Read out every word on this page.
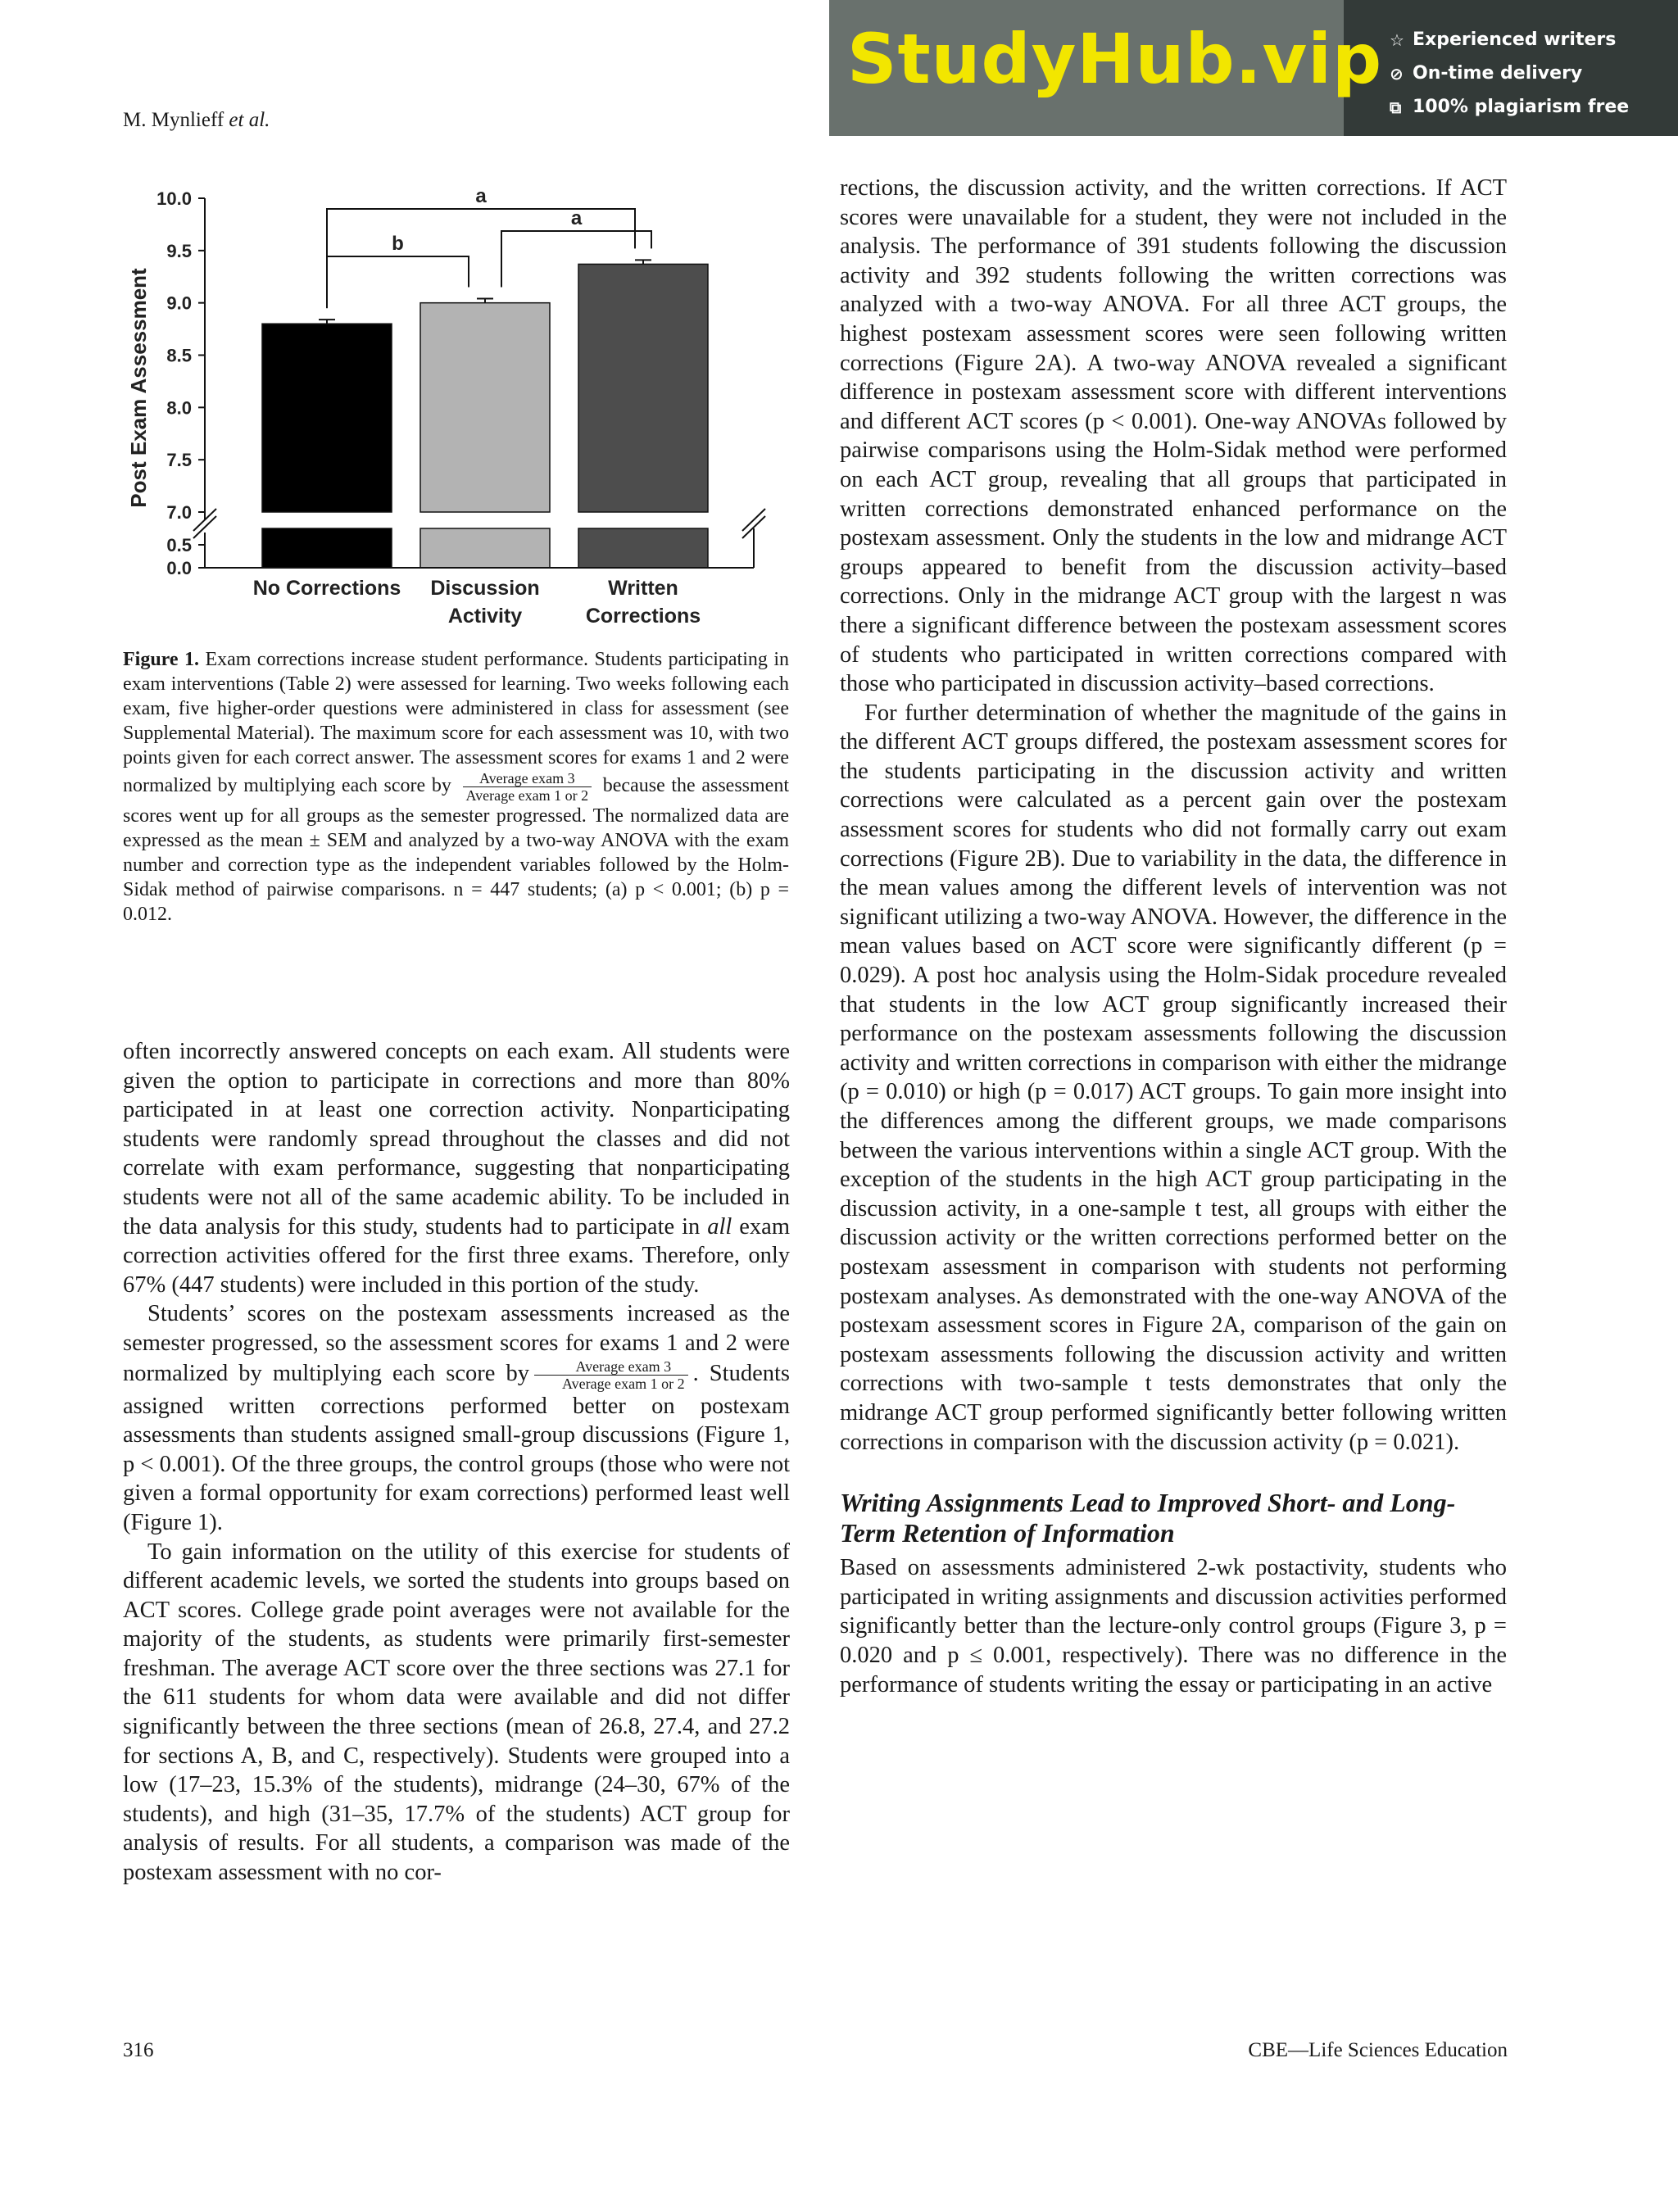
StudyHub.vip ☆ Experienced writers
⊘ On-time delivery
⧉ 100% plagiarism free
M. Mynlieff et al.
Post Exam Assessment
10.0
9.5
9.0
8.5
8.0
7.5
7.0
0.5
0.0
No Corrections Discussion
Activity
Written
Corrections
a
a
b
Figure 1. Exam corrections increase student performance. Students participating in exam interventions (Table 2) were assessed for learning. Two weeks following each exam, five higher-order questions were administered in class for assessment (see Supplemental Material). The maximum score for each assessment was 10, with two points given for each correct answer. The assessment scores for exams 1 and 2 were normalized by multiplying each score by $\frac{\text{Average exam 3}}{\text{Average exam 1 or 2}}$ because the assessment scores went up for all groups as the semester progressed. The normalized data are expressed as the mean ± SEM and analyzed by a two-way ANOVA with the exam number and correction type as the independent variables followed by the Holm-Sidak method of pairwise comparisons. n = 447 students; (a) p < 0.001; (b) p = 0.012.

often incorrectly answered concepts on each exam. All students were given the option to participate in corrections and more than 80% participated in at least one correction activity. Nonparticipating students were randomly spread throughout the classes and did not correlate with exam performance, suggesting that nonparticipating students were not all of the same academic ability. To be included in the data analysis for this study, students had to participate in all exam correction activities offered for the first three exams. Therefore, only 67% (447 students) were included in this portion of the study.

Students’ scores on the postexam assessments increased as the semester progressed, so the assessment scores for exams 1 and 2 were normalized by multiplying each score by $\frac{\text{Average exam 3}}{\text{Average exam 1 or 2}}$ . Students assigned written corrections performed better on postexam assessments than students assigned small-group discussions (Figure 1, p < 0.001). Of the three groups, the control groups (those who were not given a formal opportunity for exam corrections) performed least well (Figure 1).

To gain information on the utility of this exercise for students of different academic levels, we sorted the students into groups based on ACT scores. College grade point averages were not available for the majority of the students, as students were primarily first-semester freshman. The average ACT score over the three sections was 27.1 for the 611 students for whom data were available and did not differ significantly between the three sections (mean of 26.8, 27.4, and 27.2 for sections A, B, and C, respectively). Students were grouped into a low (17–23, 15.3% of the students), midrange (24–30, 67% of the students), and high (31–35, 17.7% of the students) ACT group for analysis of results. For all students, a comparison was made of the postexam assessment with no cor-

rections, the discussion activity, and the written corrections. If ACT scores were unavailable for a student, they were not included in the analysis. The performance of 391 students following the discussion activity and 392 students following the written corrections was analyzed with a two-way ANOVA. For all three ACT groups, the highest postexam assessment scores were seen following written corrections (Figure 2A). A two-way ANOVA revealed a significant difference in postexam assessment score with different interventions and different ACT scores (p < 0.001). One-way ANOVAs followed by pairwise comparisons using the Holm-Sidak method were performed on each ACT group, revealing that all groups that participated in written corrections demonstrated enhanced performance on the postexam assessment. Only the students in the low and midrange ACT groups appeared to benefit from the discussion activity–based corrections. Only in the midrange ACT group with the largest n was there a significant difference between the postexam assessment scores of students who participated in written corrections compared with those who participated in discussion activity–based corrections.

For further determination of whether the magnitude of the gains in the different ACT groups differed, the postexam assessment scores for the students participating in the discussion activity and written corrections were calculated as a percent gain over the postexam assessment scores for students who did not formally carry out exam corrections (Figure 2B). Due to variability in the data, the difference in the mean values among the different levels of intervention was not significant utilizing a two-way ANOVA. However, the difference in the mean values based on ACT score were significantly different (p = 0.029). A post hoc analysis using the Holm-Sidak procedure revealed that students in the low ACT group significantly increased their performance on the postexam assessments following the discussion activity and written corrections in comparison with either the midrange (p = 0.010) or high (p = 0.017) ACT groups. To gain more insight into the differences among the different groups, we made comparisons between the various interventions within a single ACT group. With the exception of the students in the high ACT group participating in the discussion activity, in a one-sample t test, all groups with either the discussion activity or the written corrections performed better on the postexam assessment in comparison with students not performing postexam analyses. As demonstrated with the one-way ANOVA of the postexam assessment scores in Figure 2A, comparison of the gain on postexam assessments following the discussion activity and written corrections with two-sample t tests demonstrates that only the midrange ACT group performed significantly better following written corrections in comparison with the discussion activity (p = 0.021).

Writing Assignments Lead to Improved Short- and Long-Term Retention of Information

Based on assessments administered 2-wk postactivity, students who participated in writing assignments and discussion activities performed significantly better than the lecture-only control groups (Figure 3, p = 0.020 and p ≤ 0.001, respectively). There was no difference in the performance of students writing the essay or participating in an active

316	CBE—Life Sciences Education
